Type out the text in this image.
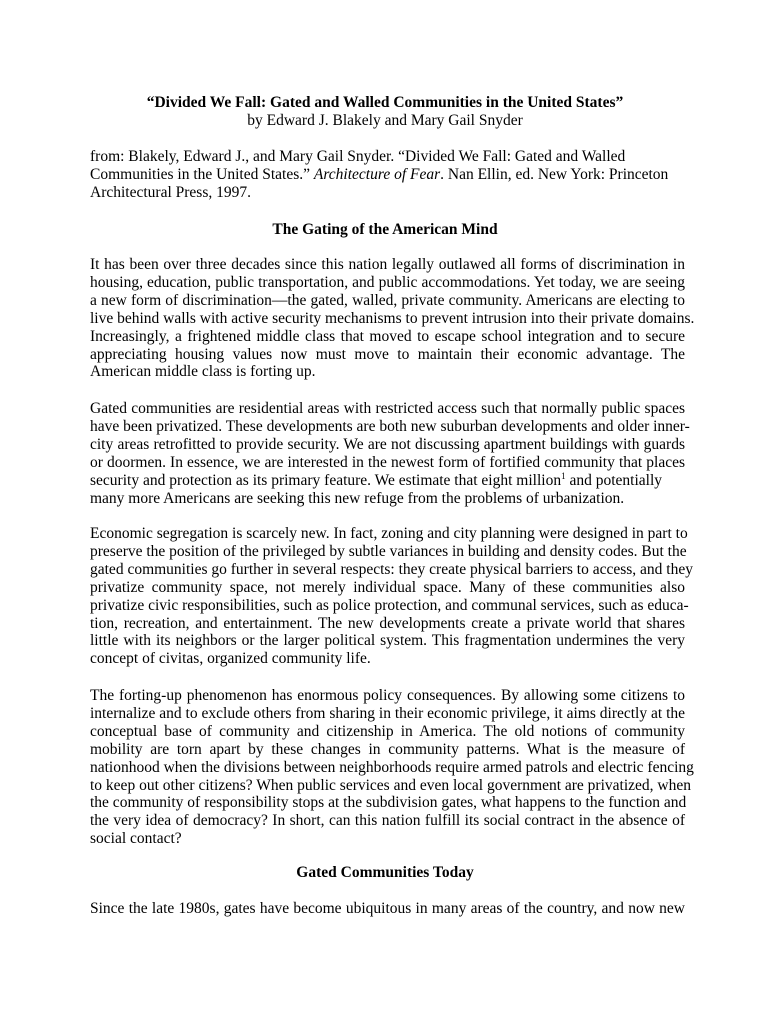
“Divided We Fall: Gated and Walled Communities in the United States”

by Edward J. Blakely and Mary Gail Snyder

from: Blakely, Edward J., and Mary Gail Snyder. “Divided We Fall: Gated and Walled
Communities in the United States.” Architecture of Fear. Nan Ellin, ed. New York: Princeton
Architectural Press, 1997.

The Gating of the American Mind

It has been over three decades since this nation legally outlawed all forms of discrimination in
housing, education, public transportation, and public accommodations. Yet today, we are seeing
a new form of discrimination—the gated, walled, private community. Americans are electing to
live behind walls with active security mechanisms to prevent intrusion into their private domains.
Increasingly, a frightened middle class that moved to escape school integration and to secure
appreciating housing values now must move to maintain their economic advantage. The
American middle class is forting up.

Gated communities are residential areas with restricted access such that normally public spaces
have been privatized. These developments are both new suburban developments and older inner-
city areas retrofitted to provide security. We are not discussing apartment buildings with guards
or doormen. In essence, we are interested in the newest form of fortified community that places
security and protection as its primary feature. We estimate that eight million$^1$ and potentially
many more Americans are seeking this new refuge from the problems of urbanization.

Economic segregation is scarcely new. In fact, zoning and city planning were designed in part to
preserve the position of the privileged by subtle variances in building and density codes. But the
gated communities go further in several respects: they create physical barriers to access, and they
privatize community space, not merely individual space. Many of these communities also
privatize civic responsibilities, such as police protection, and communal services, such as educa-
tion, recreation, and entertainment. The new developments create a private world that shares
little with its neighbors or the larger political system. This fragmentation undermines the very
concept of civitas, organized community life.

The forting-up phenomenon has enormous policy consequences. By allowing some citizens to
internalize and to exclude others from sharing in their economic privilege, it aims directly at the
conceptual base of community and citizenship in America. The old notions of community
mobility are torn apart by these changes in community patterns. What is the measure of
nationhood when the divisions between neighborhoods require armed patrols and electric fencing
to keep out other citizens? When public services and even local government are privatized, when
the community of responsibility stops at the subdivision gates, what happens to the function and
the very idea of democracy? In short, can this nation fulfill its social contract in the absence of
social contact?

Gated Communities Today

Since the late 1980s, gates have become ubiquitous in many areas of the country, and now new
